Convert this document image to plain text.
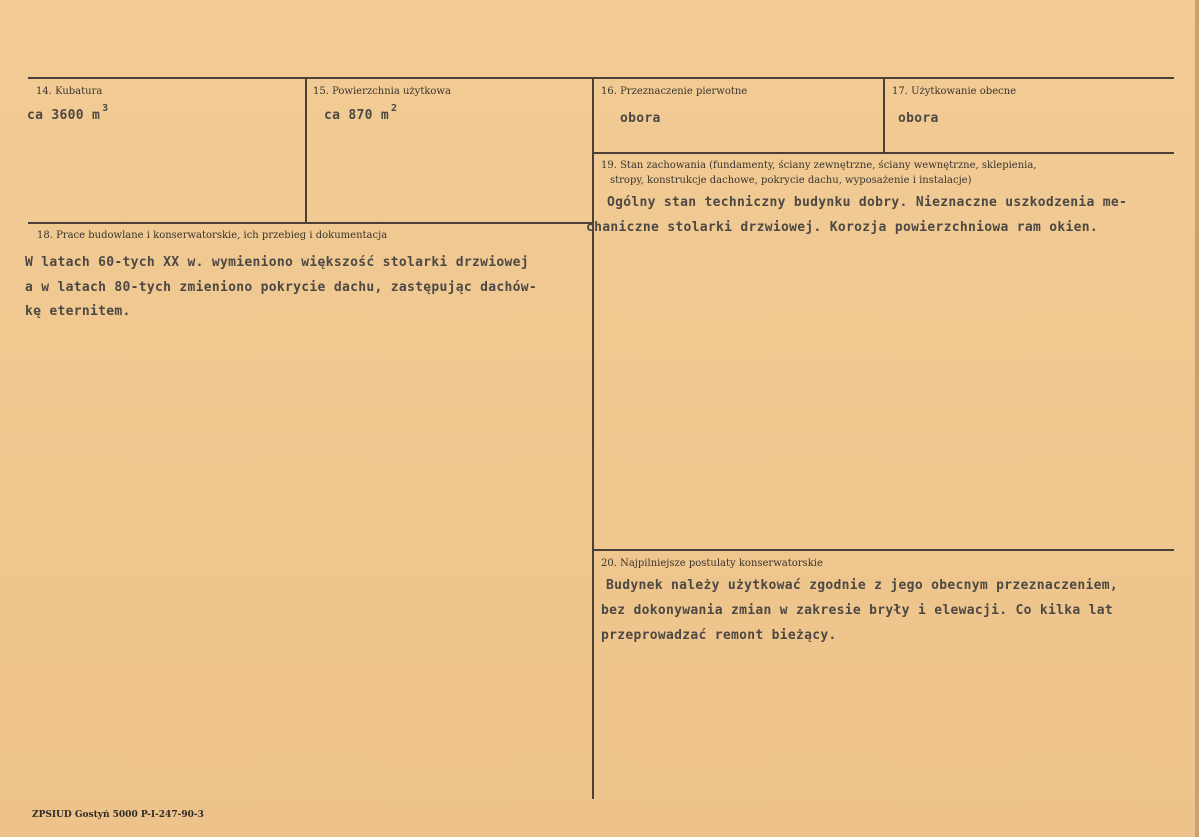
14. Kubatura
ca 3600 m $^3$
15. Powierzchnia użytkowa
ca 870 m $^2$
16. Przeznaczenie pierwotne
obora
17. Użytkowanie obecne
obora
18. Prace budowlane i konserwatorskie, ich przebieg i dokumentacja
W latach 60-tych XX w. wymieniono większość stolarki drzwiowej
a w latach 80-tych zmieniono pokrycie dachu, zastępując dachów-
kę eternitem.
19. Stan zachowania (fundamenty, ściany zewnętrzne, ściany wewnętrzne, sklepienia,
stropy, konstrukcje dachowe, pokrycie dachu, wyposażenie i instalacje)
Ogólny stan techniczny budynku dobry. Nieznaczne uszkodzenia me-
chaniczne stolarki drzwiowej. Korozja powierzchniowa ram okien.
20. Najpilniejsze postulaty konserwatorskie
Budynek należy użytkować zgodnie z jego obecnym przeznaczeniem,
bez dokonywania zmian w zakresie bryły i elewacji. Co kilka lat
przeprowadzać remont bieżący.
ZPSIUD Gostyń 5000 P-I-247-90-3
